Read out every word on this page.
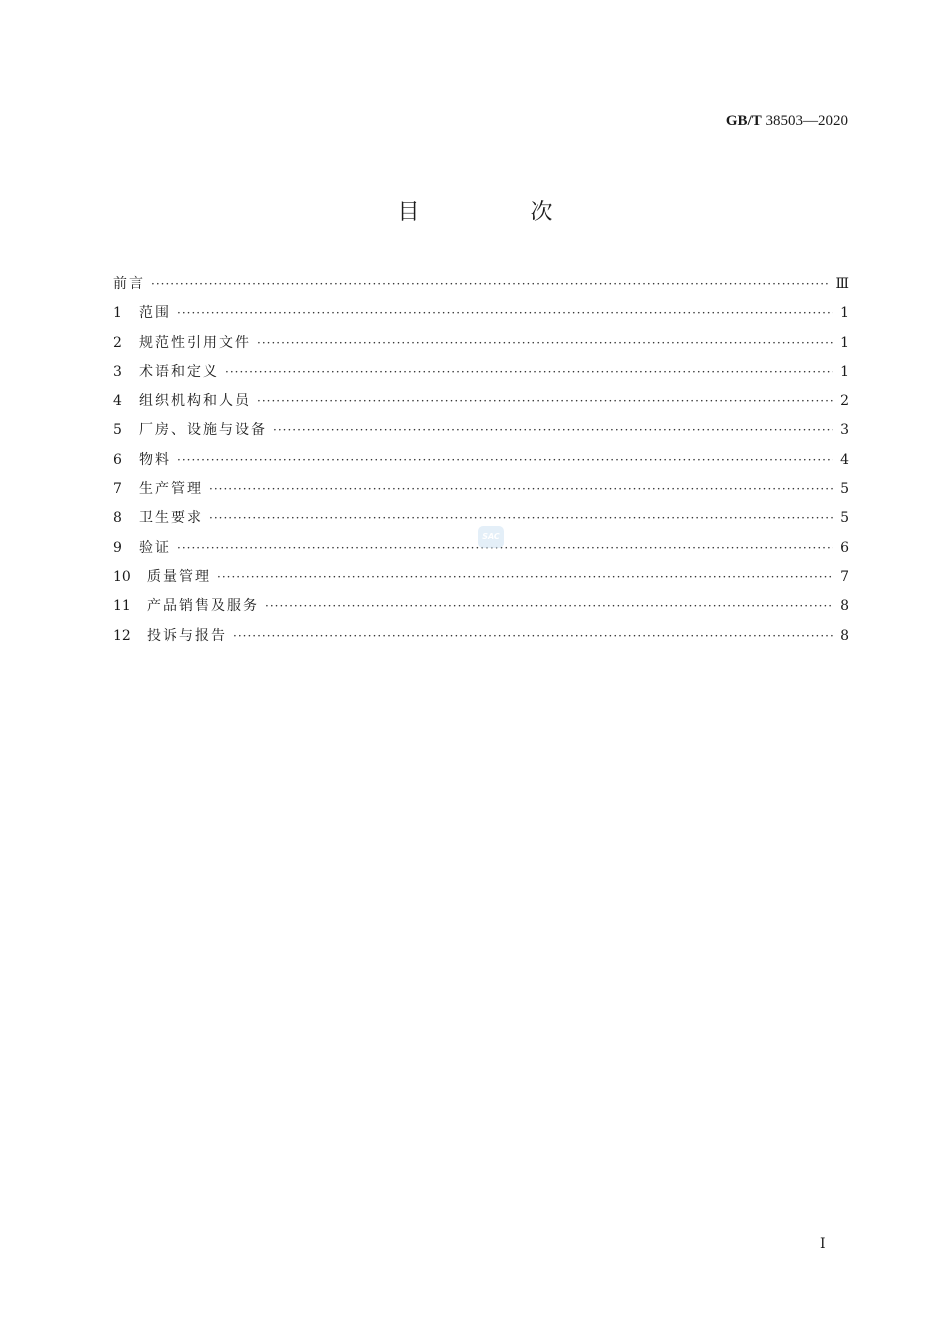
GB/T 38503—2020
目 次
前言 ·····	Ⅲ
1	范围 ·····	1
2	规范性引用文件 ·····	1
3	术语和定义 ·····	1
4	组织机构和人员 ·····	2
5	厂房、设施与设备 ·····	3
6	物料 ·····	4
7	生产管理 ·····	5
8	卫生要求 ·····	5
9	验证 ·····	6
10	质量管理 ·····	7
11	产品销售及服务 ·····	8
12	投诉与报告 ·····	8
SAC
I
